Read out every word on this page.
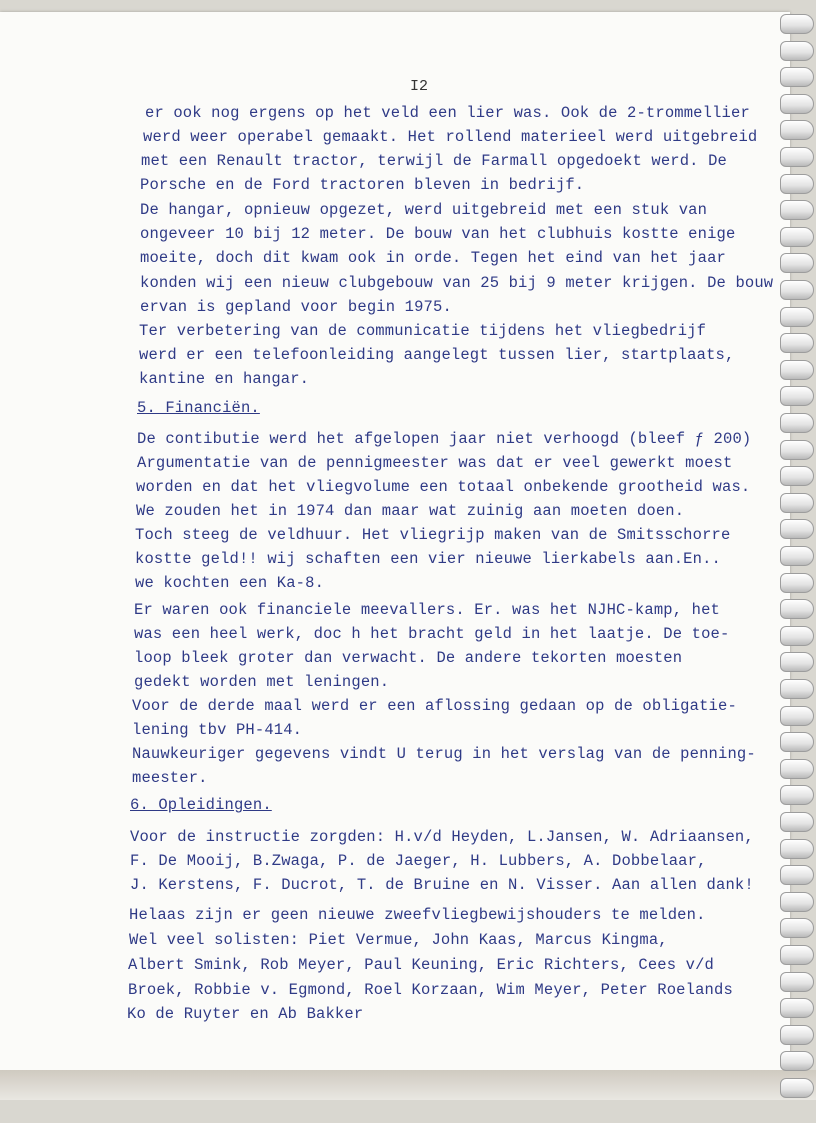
I2
er ook nog ergens op het veld een lier was. Ook de 2-trommellier
werd weer operabel gemaakt. Het rollend materieel werd uitgebreid
met een Renault tractor, terwijl de Farmall opgedoekt werd. De
Porsche en de Ford tractoren bleven in bedrijf.
De hangar, opnieuw opgezet, werd uitgebreid met een stuk van
ongeveer 10 bij 12 meter. De bouw van het clubhuis kostte enige
moeite, doch dit kwam ook in orde. Tegen het eind van het jaar
konden wij een nieuw clubgebouw van 25 bij 9 meter krijgen. De bouw
ervan is gepland voor begin 1975.
Ter verbetering van de communicatie tijdens het vliegbedrijf
werd er een telefoonleiding aangelegt tussen lier, startplaats,
kantine en hangar.
5. Financiën.
De contibutie werd het afgelopen jaar niet verhoogd (bleef ƒ 200)
Argumentatie van de pennigmeester was dat er veel gewerkt moest
worden en dat het vliegvolume een totaal onbekende grootheid was.
We zouden het in 1974 dan maar wat zuinig aan moeten doen.
Toch steeg de veldhuur. Het vliegrijp maken van de Smitsschorre
kostte geld!! wij schaften een vier nieuwe lierkabels aan.En..
we kochten een Ka-8.
Er waren ook financiele meevallers. Er. was het NJHC-kamp, het
was een heel werk, doc h het bracht geld in het laatje. De toe-
loop bleek groter dan verwacht. De andere tekorten moesten
gedekt worden met leningen.
Voor de derde maal werd er een aflossing gedaan op de obligatie-
lening tbv PH-414.
Nauwkeuriger gegevens vindt U terug in het verslag van de penning-
meester.
6. Opleidingen.
Voor de instructie zorgden: H.v/d Heyden, L.Jansen, W. Adriaansen,
F. De Mooij, B.Zwaga, P. de Jaeger, H. Lubbers, A. Dobbelaar,
J. Kerstens, F. Ducrot, T. de Bruine en N. Visser. Aan allen dank!
Helaas zijn er geen nieuwe zweefvliegbewijshouders te melden.
Wel veel solisten: Piet Vermue, John Kaas, Marcus Kingma,
Albert Smink, Rob Meyer, Paul Keuning, Eric Richters, Cees v/d
Broek, Robbie v. Egmond, Roel Korzaan, Wim Meyer, Peter Roelands
Ko de Ruyter en Ab Bakker
